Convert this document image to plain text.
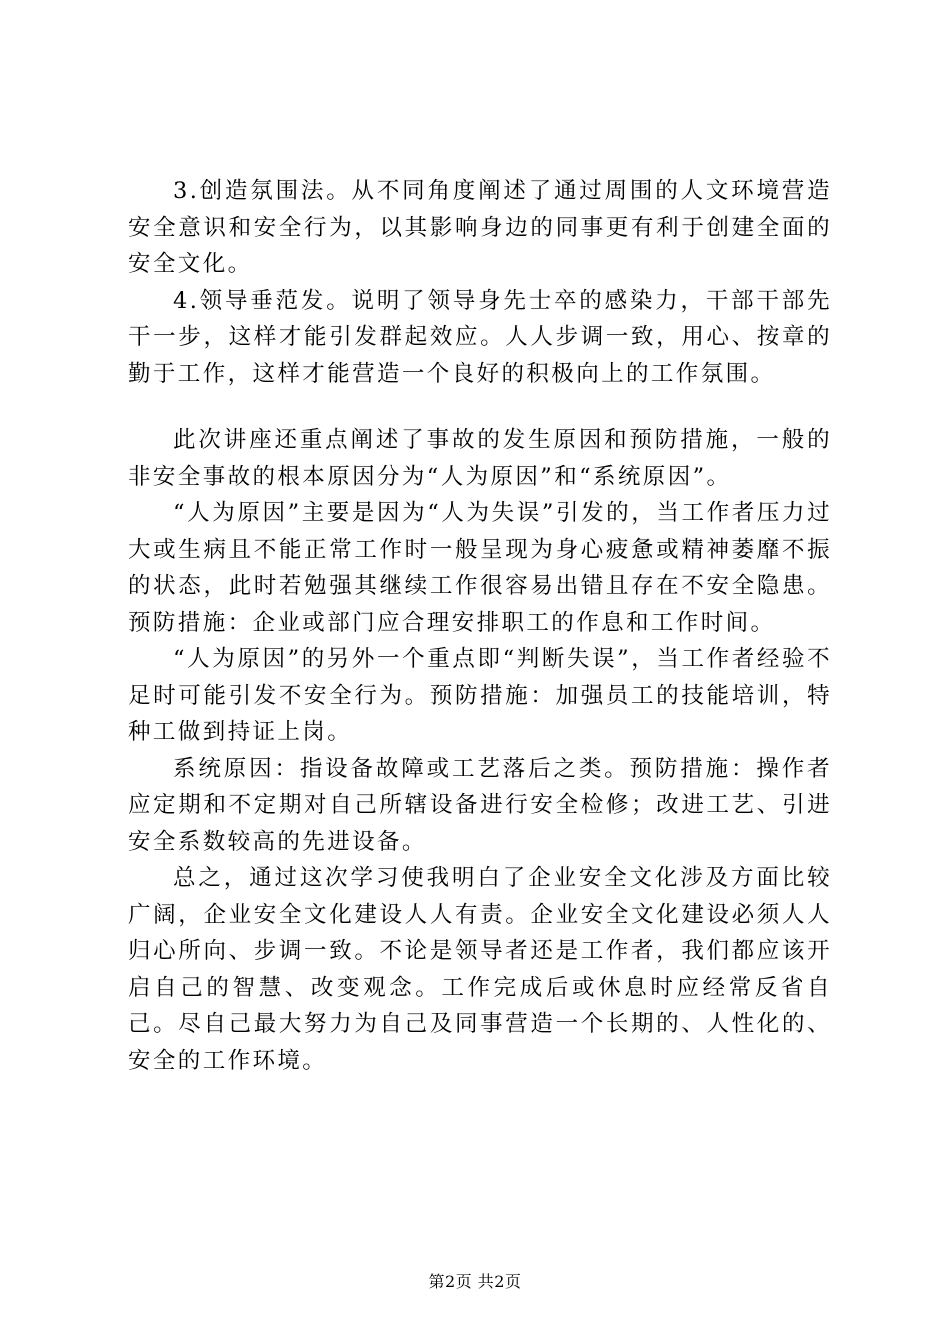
3.创造氛围法。从不同角度阐述了通过周围的人文环境营造安全意识和安全行为，以其影响身边的同事更有利于创建全面的安全文化。

4.领导垂范发。说明了领导身先士卒的感染力，干部干部先干一步，这样才能引发群起效应。人人步调一致，用心、按章的勤于工作，这样才能营造一个良好的积极向上的工作氛围。

此次讲座还重点阐述了事故的发生原因和预防措施，一般的非安全事故的根本原因分为“人为原因”和“系统原因”。

“人为原因”主要是因为“人为失误”引发的，当工作者压力过大或生病且不能正常工作时一般呈现为身心疲惫或精神萎靡不振的状态，此时若勉强其继续工作很容易出错且存在不安全隐患。预防措施：企业或部门应合理安排职工的作息和工作时间。

“人为原因”的另外一个重点即“判断失误”，当工作者经验不足时可能引发不安全行为。预防措施：加强员工的技能培训，特种工做到持证上岗。

系统原因：指设备故障或工艺落后之类。预防措施：操作者应定期和不定期对自己所辖设备进行安全检修；改进工艺、引进安全系数较高的先进设备。

总之，通过这次学习使我明白了企业安全文化涉及方面比较广阔，企业安全文化建设人人有责。企业安全文化建设必须人人归心所向、步调一致。不论是领导者还是工作者，我们都应该开启自己的智慧、改变观念。工作完成后或休息时应经常反省自己。尽自己最大努力为自己及同事营造一个长期的、人性化的、安全的工作环境。

第2页 共2页
